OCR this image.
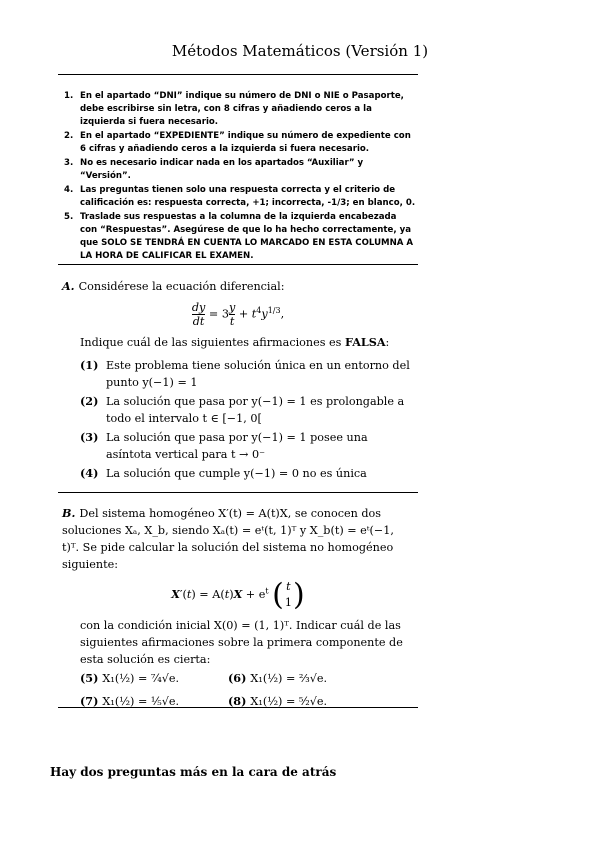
Métodos Matemáticos (Versión 1)
1. En el apartado “DNI” indique su número de DNI o NIE o Pasaporte, debe escribirse sin letra, con 8 cifras y añadiendo ceros a la izquierda si fuera necesario.
2. En el apartado “EXPEDIENTE” indique su número de expediente con 6 cifras y añadiendo ceros a la izquierda si fuera necesario.
3. No es necesario indicar nada en los apartados “Auxiliar” y “Versión”.
4. Las preguntas tienen solo una respuesta correcta y el criterio de calificación es: respuesta correcta, +1; incorrecta, -1/3; en blanco, 0.
5. Traslade sus respuestas a la columna de la izquierda encabezada con “Respuestas”. Asegúrese de que lo ha hecho correctamente, ya que SOLO SE TENDRÁ EN CUENTA LO MARCADO EN ESTA COLUMNA A LA HORA DE CALIFICAR EL EXAMEN.
A. Considérese la ecuación diferencial:
$\frac{dy}{dt} = 3 \frac{y}{t} + t^4y^{1/3}$,
Indique cuál de las siguientes afirmaciones es FALSA:
(1) Este problema tiene solución única en un entorno del punto y(−1) = 1
(2) La solución que pasa por y(−1) = 1 es prolongable a todo el intervalo t ∈ [−1, 0[
(3) La solución que pasa por y(−1) = 1 posee una asíntota vertical para t → 0⁻
(4) La solución que cumple y(−1) = 0 no es única
B. Del sistema homogéneo X′(t) = A(t)X, se conocen dos soluciones Xₐ, X_b, siendo Xₐ(t) = eᵗ(t, 1)ᵀ y X_b(t) = eᵗ(−1, t)ᵀ. Se pide calcular la solución del sistema no homogéneo siguiente:
$X'(t) = A(t)X + e^t$ ( t
1 )
con la condición inicial X(0) = (1, 1)ᵀ. Indicar cuál de las siguientes afirmaciones sobre la primera componente de esta solución es cierta:
(5) X₁(½) = ⁷⁄₄√e.	(6) X₁(½) = ⅔√e.
(7) X₁(½) = ⅕√e.	(8) X₁(½) = ⁵⁄₂√e.
Hay dos preguntas más en la cara de atrás
